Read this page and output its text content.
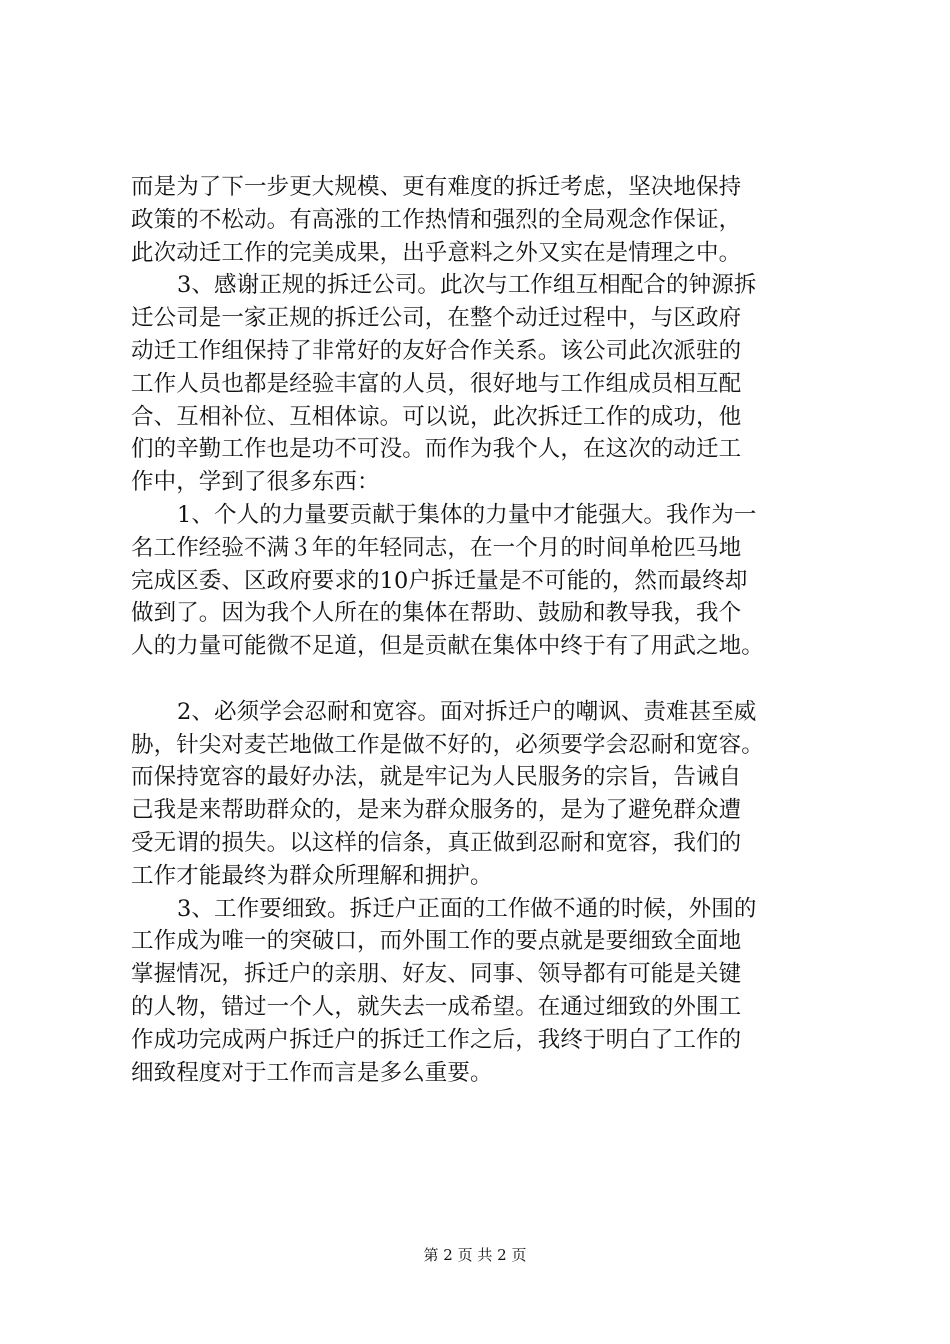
而是为了下一步更大规模、更有难度的拆迁考虑，坚决地保持
政策的不松动。有高涨的工作热情和强烈的全局观念作保证，
此次动迁工作的完美成果，出乎意料之外又实在是情理之中。
3、感谢正规的拆迁公司。此次与工作组互相配合的钟源拆
迁公司是一家正规的拆迁公司，在整个动迁过程中，与区政府
动迁工作组保持了非常好的友好合作关系。该公司此次派驻的
工作人员也都是经验丰富的人员，很好地与工作组成员相互配
合、互相补位、互相体谅。可以说，此次拆迁工作的成功，他
们的辛勤工作也是功不可没。而作为我个人，在这次的动迁工
作中，学到了很多东西：
1、个人的力量要贡献于集体的力量中才能强大。我作为一
名工作经验不满３年的年轻同志，在一个月的时间单枪匹马地
完成区委、区政府要求的10户拆迁量是不可能的，然而最终却
做到了。因为我个人所在的集体在帮助、鼓励和教导我，我个
人的力量可能微不足道，但是贡献在集体中终于有了用武之地。
2、必须学会忍耐和宽容。面对拆迁户的嘲讽、责难甚至威
胁，针尖对麦芒地做工作是做不好的，必须要学会忍耐和宽容。
而保持宽容的最好办法，就是牢记为人民服务的宗旨，告诫自
己我是来帮助群众的，是来为群众服务的，是为了避免群众遭
受无谓的损失。以这样的信条，真正做到忍耐和宽容，我们的
工作才能最终为群众所理解和拥护。
3、工作要细致。拆迁户正面的工作做不通的时候，外围的
工作成为唯一的突破口，而外围工作的要点就是要细致全面地
掌握情况，拆迁户的亲朋、好友、同事、领导都有可能是关键
的人物，错过一个人，就失去一成希望。在通过细致的外围工
作成功完成两户拆迁户的拆迁工作之后，我终于明白了工作的
细致程度对于工作而言是多么重要。
第 2 页 共 2 页
